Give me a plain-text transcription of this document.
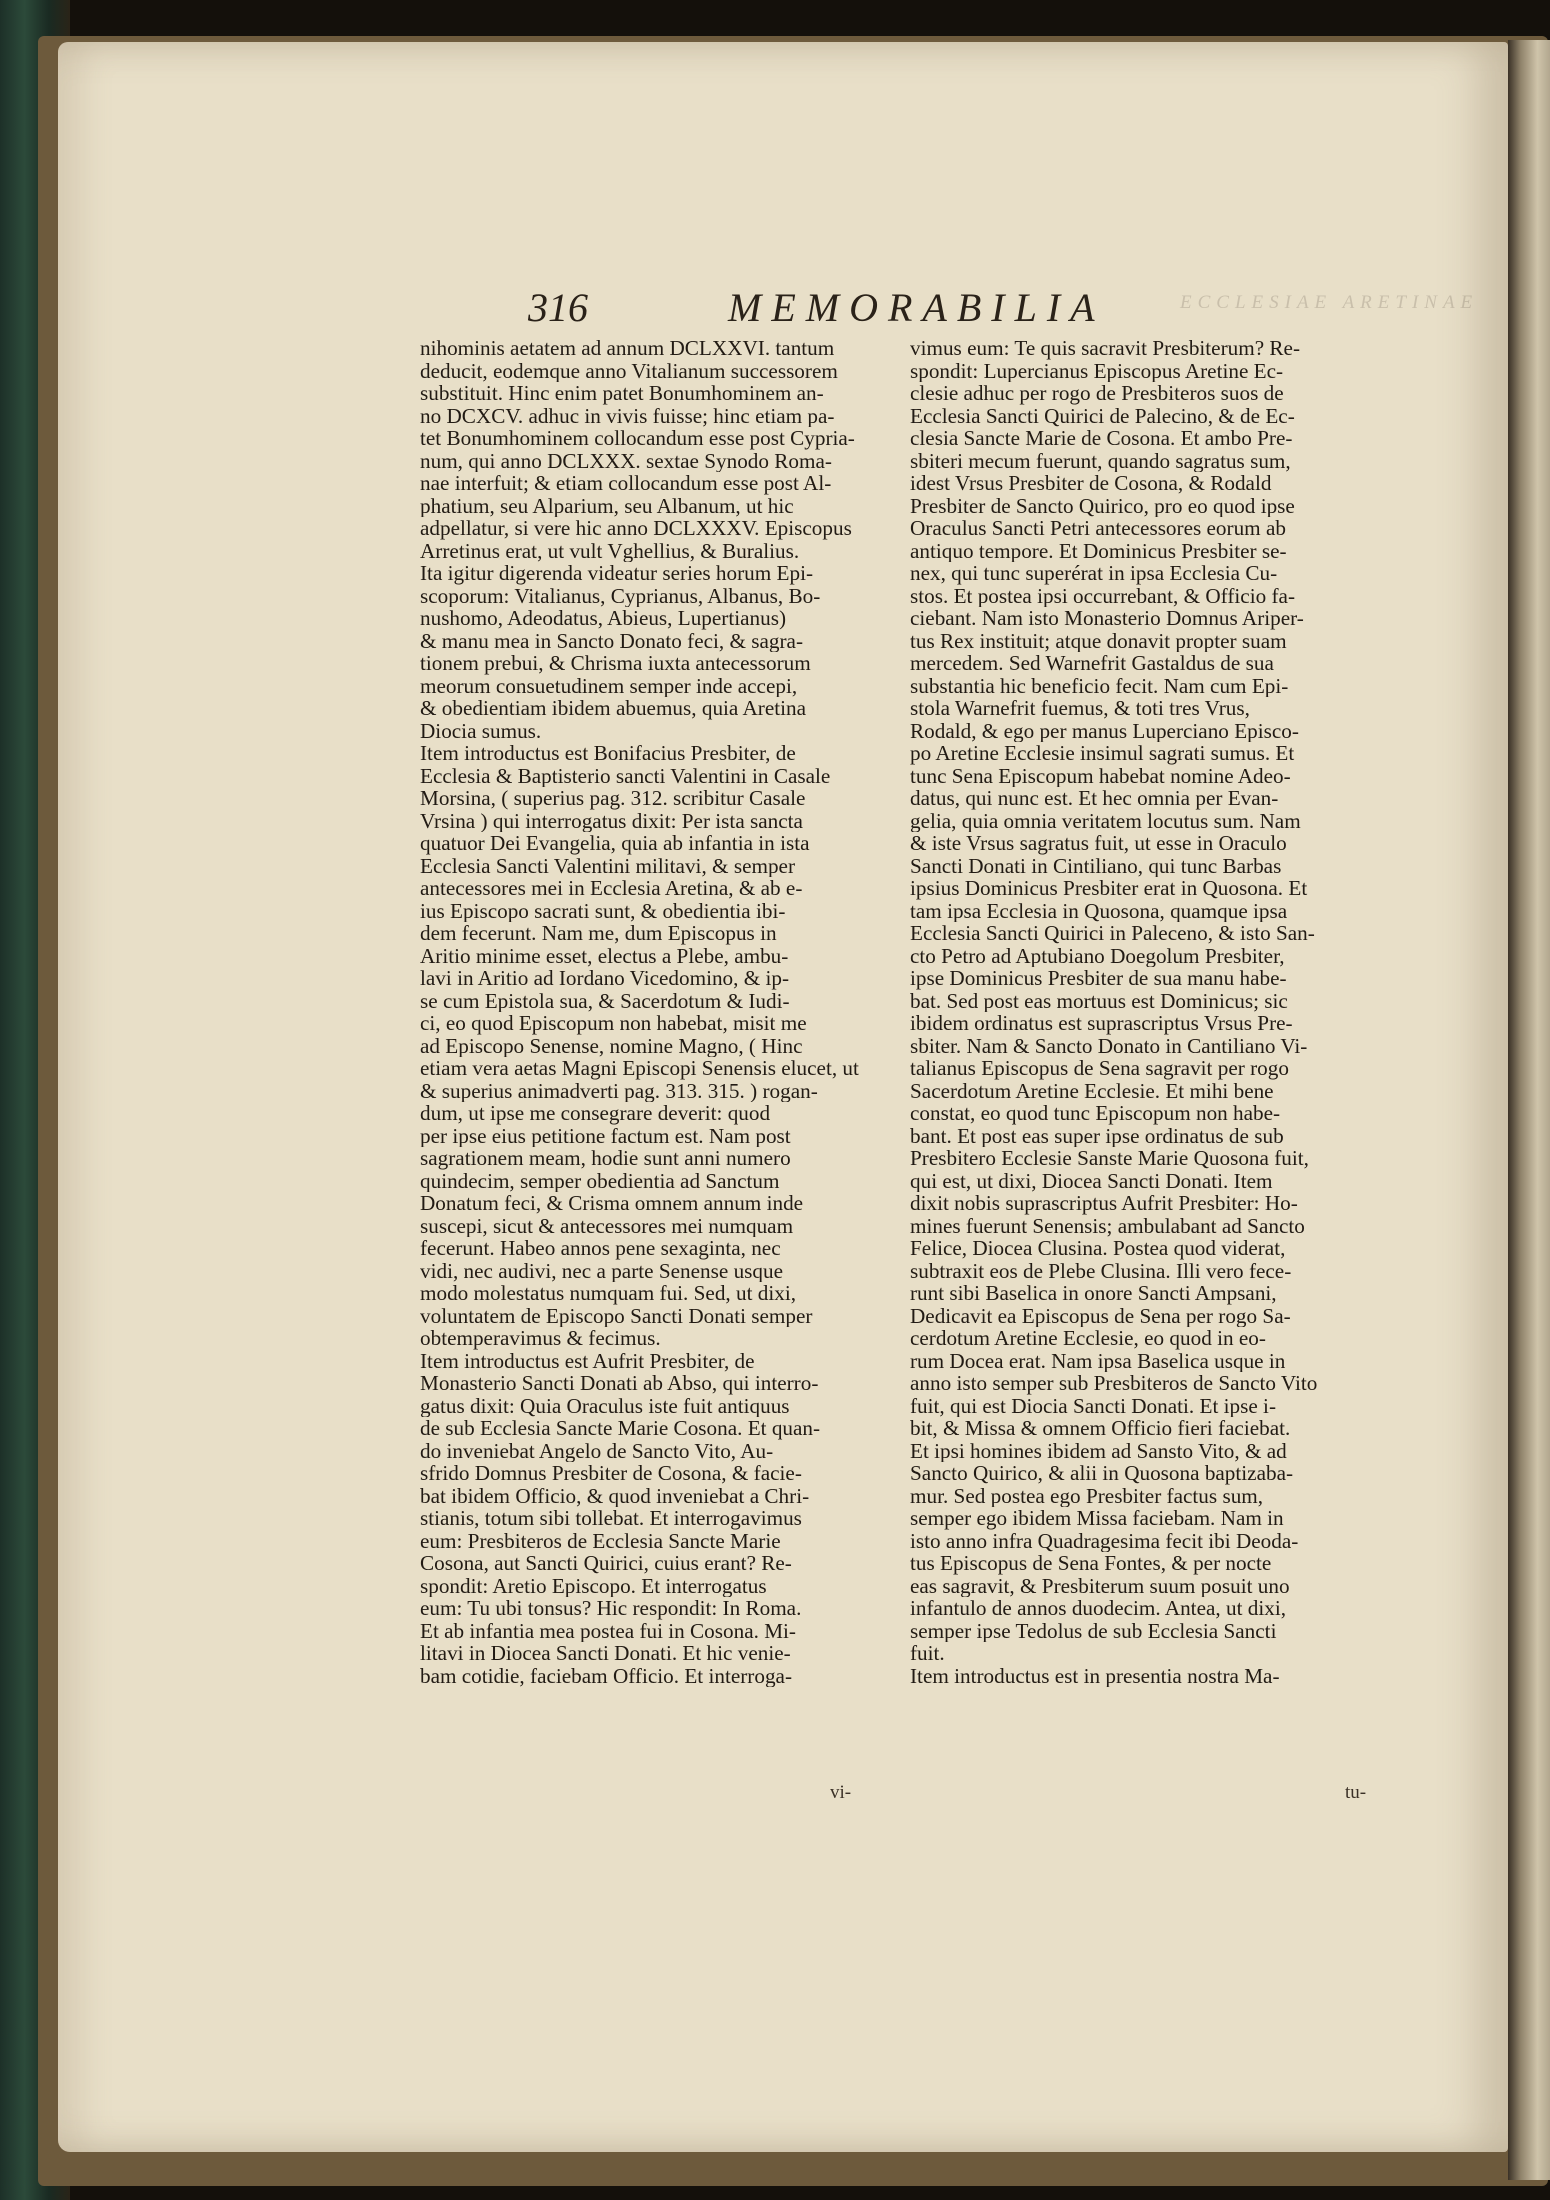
ECCLESIAE ARETINAE
316	MEMORABILIA
nihominis aetatem ad annum DCLXXVI. tantum
deducit, eodemque anno Vitalianum successorem
substituit. Hinc enim patet Bonumhominem an-
no DCXCV. adhuc in vivis fuisse; hinc etiam pa-
tet Bonumhominem collocandum esse post Cypria-
num, qui anno DCLXXX. sextae Synodo Roma-
nae interfuit; & etiam collocandum esse post Al-
phatium, seu Alparium, seu Albanum, ut hic
adpellatur, si vere hic anno DCLXXXV. Episcopus
Arretinus erat, ut vult Vghellius, & Buralius.
Ita igitur digerenda videatur series horum Epi-
scoporum: Vitalianus, Cyprianus, Albanus, Bo-
nushomo, Adeodatus, Abieus, Lupertianus)
& manu mea in Sancto Donato feci, & sagra-
tionem prebui, & Chrisma iuxta antecessorum
meorum consuetudinem semper inde accepi,
& obedientiam ibidem abuemus, quia Aretina
Diocia sumus.
Item introductus est Bonifacius Presbiter, de
Ecclesia & Baptisterio sancti Valentini in Casale
Morsina, ( superius pag. 312. scribitur Casale
Vrsina ) qui interrogatus dixit: Per ista sancta
quatuor Dei Evangelia, quia ab infantia in ista
Ecclesia Sancti Valentini militavi, & semper
antecessores mei in Ecclesia Aretina, & ab e-
ius Episcopo sacrati sunt, & obedientia ibi-
dem fecerunt. Nam me, dum Episcopus in
Aritio minime esset, electus a Plebe, ambu-
lavi in Aritio ad Iordano Vicedomino, & ip-
se cum Epistola sua, & Sacerdotum & Iudi-
ci, eo quod Episcopum non habebat, misit me
ad Episcopo Senense, nomine Magno, ( Hinc
etiam vera aetas Magni Episcopi Senensis elucet, ut
& superius animadverti pag. 313. 315. ) rogan-
dum, ut ipse me consegrare deverit: quod
per ipse eius petitione factum est. Nam post
sagrationem meam, hodie sunt anni numero
quindecim, semper obedientia ad Sanctum
Donatum feci, & Crisma omnem annum inde
suscepi, sicut & antecessores mei numquam
fecerunt. Habeo annos pene sexaginta, nec
vidi, nec audivi, nec a parte Senense usque
modo molestatus numquam fui. Sed, ut dixi,
voluntatem de Episcopo Sancti Donati semper
obtemperavimus & fecimus.
Item introductus est Aufrit Presbiter, de
Monasterio Sancti Donati ab Abso, qui interro-
gatus dixit: Quia Oraculus iste fuit antiquus
de sub Ecclesia Sancte Marie Cosona. Et quan-
do inveniebat Angelo de Sancto Vito, Au-
sfrido Domnus Presbiter de Cosona, & facie-
bat ibidem Officio, & quod inveniebat a Chri-
stianis, totum sibi tollebat. Et interrogavimus
eum: Presbiteros de Ecclesia Sancte Marie
Cosona, aut Sancti Quirici, cuius erant? Re-
spondit: Aretio Episcopo. Et interrogatus
eum: Tu ubi tonsus? Hic respondit: In Roma.
Et ab infantia mea postea fui in Cosona. Mi-
litavi in Diocea Sancti Donati. Et hic venie-
bam cotidie, faciebam Officio. Et interroga-
vimus eum: Te quis sacravit Presbiterum? Re-
spondit: Lupercianus Episcopus Aretine Ec-
clesie adhuc per rogo de Presbiteros suos de
Ecclesia Sancti Quirici de Palecino, & de Ec-
clesia Sancte Marie de Cosona. Et ambo Pre-
sbiteri mecum fuerunt, quando sagratus sum,
idest Vrsus Presbiter de Cosona, & Rodald
Presbiter de Sancto Quirico, pro eo quod ipse
Oraculus Sancti Petri antecessores eorum ab
antiquo tempore. Et Dominicus Presbiter se-
nex, qui tunc superérat in ipsa Ecclesia Cu-
stos. Et postea ipsi occurrebant, & Officio fa-
ciebant. Nam isto Monasterio Domnus Ariper-
tus Rex instituit; atque donavit propter suam
mercedem. Sed Warnefrit Gastaldus de sua
substantia hic beneficio fecit. Nam cum Epi-
stola Warnefrit fuemus, & toti tres Vrus,
Rodald, & ego per manus Luperciano Episco-
po Aretine Ecclesie insimul sagrati sumus. Et
tunc Sena Episcopum habebat nomine Adeo-
datus, qui nunc est. Et hec omnia per Evan-
gelia, quia omnia veritatem locutus sum. Nam
& iste Vrsus sagratus fuit, ut esse in Oraculo
Sancti Donati in Cintiliano, qui tunc Barbas
ipsius Dominicus Presbiter erat in Quosona. Et
tam ipsa Ecclesia in Quosona, quamque ipsa
Ecclesia Sancti Quirici in Paleceno, & isto San-
cto Petro ad Aptubiano Doegolum Presbiter,
ipse Dominicus Presbiter de sua manu habe-
bat. Sed post eas mortuus est Dominicus; sic
ibidem ordinatus est suprascriptus Vrsus Pre-
sbiter. Nam & Sancto Donato in Cantiliano Vi-
talianus Episcopus de Sena sagravit per rogo
Sacerdotum Aretine Ecclesie. Et mihi bene
constat, eo quod tunc Episcopum non habe-
bant. Et post eas super ipse ordinatus de sub
Presbitero Ecclesie Sanste Marie Quosona fuit,
qui est, ut dixi, Diocea Sancti Donati. Item
dixit nobis suprascriptus Aufrit Presbiter: Ho-
mines fuerunt Senensis; ambulabant ad Sancto
Felice, Diocea Clusina. Postea quod viderat,
subtraxit eos de Plebe Clusina. Illi vero fece-
runt sibi Baselica in onore Sancti Ampsani,
Dedicavit ea Episcopus de Sena per rogo Sa-
cerdotum Aretine Ecclesie, eo quod in eo-
rum Docea erat. Nam ipsa Baselica usque in
anno isto semper sub Presbiteros de Sancto Vito
fuit, qui est Diocia Sancti Donati. Et ipse i-
bit, & Missa & omnem Officio fieri faciebat.
Et ipsi homines ibidem ad Sansto Vito, & ad
Sancto Quirico, & alii in Quosona baptizaba-
mur. Sed postea ego Presbiter factus sum,
semper ego ibidem Missa faciebam. Nam in
isto anno infra Quadragesima fecit ibi Deoda-
tus Episcopus de Sena Fontes, & per nocte
eas sagravit, & Presbiterum suum posuit uno
infantulo de annos duodecim. Antea, ut dixi,
semper ipse Tedolus de sub Ecclesia Sancti
fuit.
Item introductus est in presentia nostra Ma-
vi-	tu-
